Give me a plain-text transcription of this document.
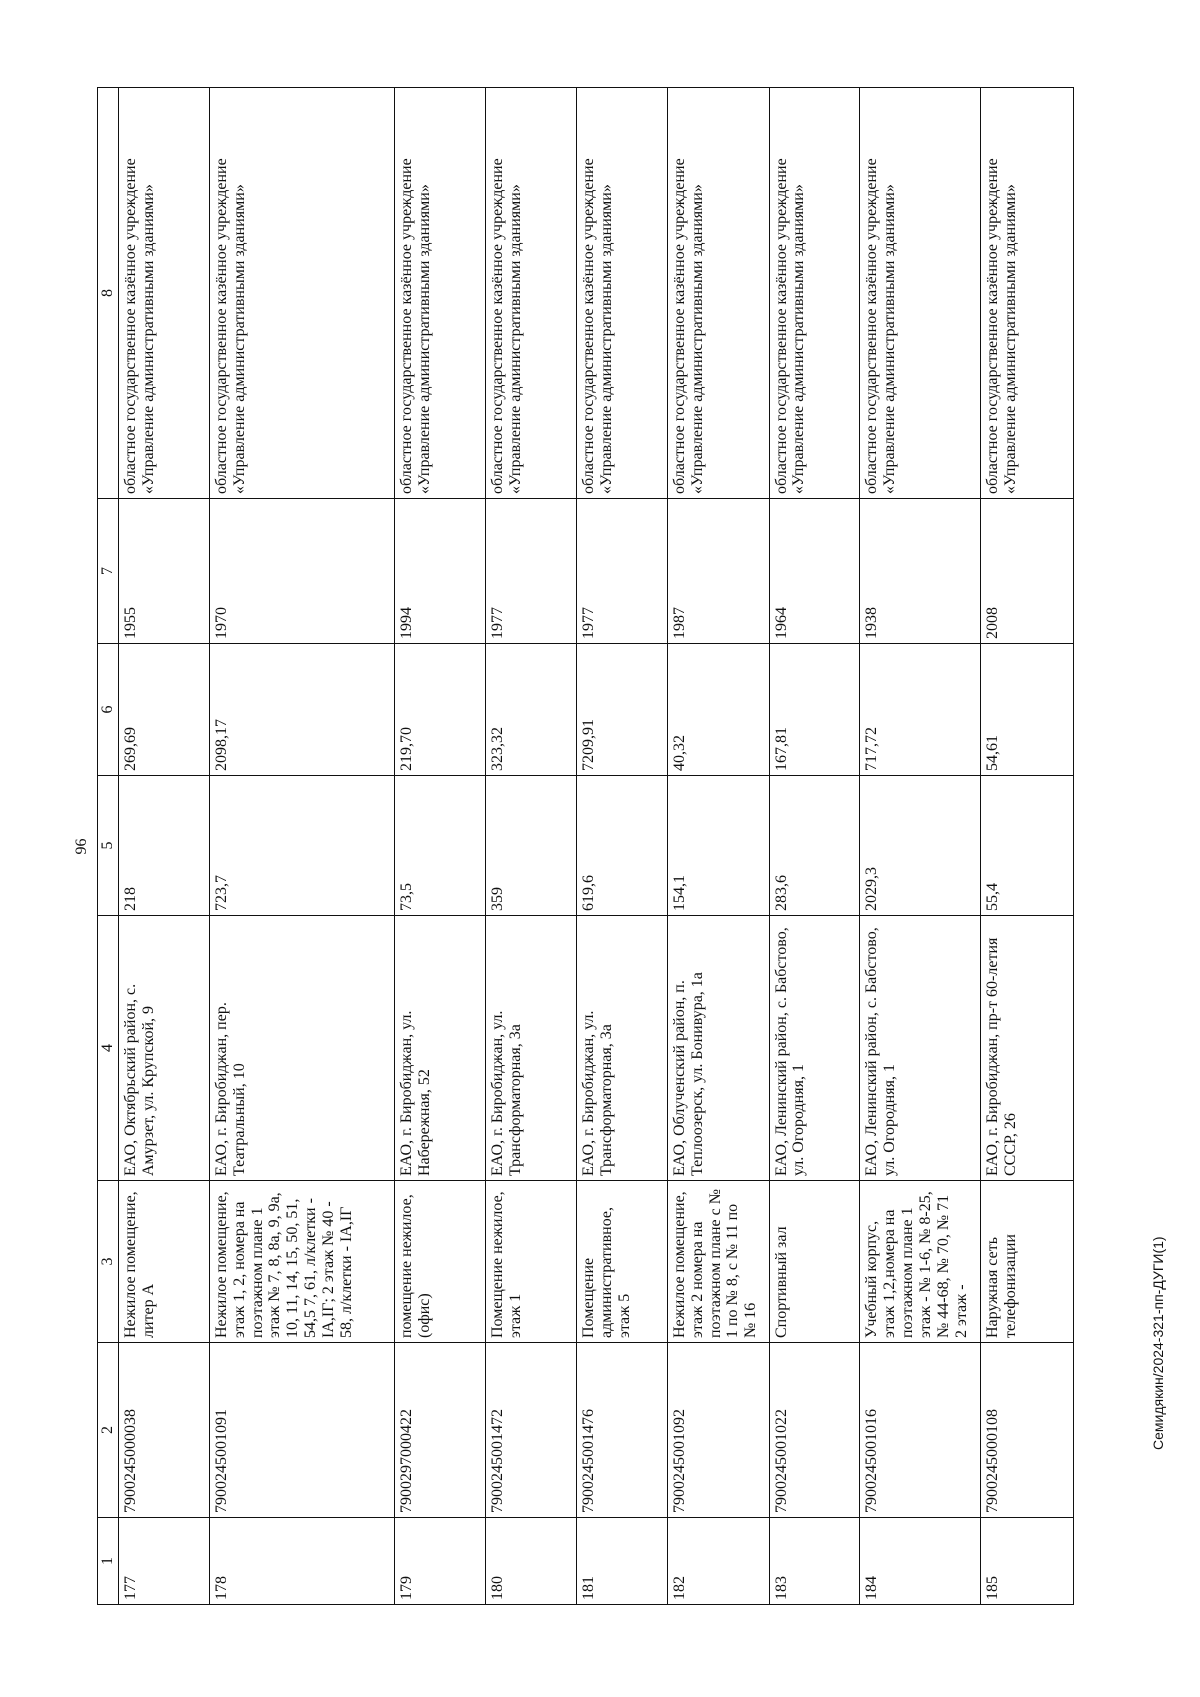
96
1	2	3	4	5	6	7	8
177	79002450000​38	Нежилое помещение, литер А	ЕАО, Октябрьский район, с. Амурзет, ул. Крупской, 9	218	269,69	1955	областное государственное казённое учреждение «Управление административными зданиями»
178	790024500109​1	Нежилое помещение, этаж 1, 2, номера на поэтажном плане 1 этаж № 7, 8, 8а, 9, 9а, 10, 11, 14, 15, 50, 51, 54,5 7, 61, л/клетки - IA,IГ; 2 этаж № 40 - 58, л/клетки - IA,IГ	ЕАО, г. Биробиджан, пер. Театральный, 10	723,7	2098,17	1970	областное государственное казённое учреждение «Управление административными зданиями»
179	7900297000422	помещение нежилое, (офис)	ЕАО, г. Биробиджан, ул. Набережная, 52	73,5	219,70	1994	областное государственное казённое учреждение «Управление административными зданиями»
180	7900245001472	Помещение нежилое, этаж 1	ЕАО, г. Биробиджан, ул. Трансформаторная, 3а	359	323,32	1977	областное государственное казённое учреждение «Управление административными зданиями»
181	7900245001476	Помещение административное, этаж 5	ЕАО, г. Биробиджан, ул. Трансформаторная, 3а	619,6	7209,91	1977	областное государственное казённое учреждение «Управление административными зданиями»
182	7900245001092	Нежилое помещение, этаж 2 номера на поэтажном плане с № 1 по № 8, с № 11 по № 16	ЕАО, Облученский район, п. Теплоозерск, ул. Бонивура, 1а	154,1	40,32	1987	областное государственное казённое учреждение «Управление административными зданиями»
183	7900245001022	Спортивный зал	ЕАО, Ленинский район, с. Бабстово, ул. Огородняя, 1	283,6	167,81	1964	областное государственное казённое учреждение «Управление административными зданиями»
184	7900245001016	Учебный корпус, этаж 1,2,номера на поэтажном плане 1 этаж - № 1-6, № 8-25, № 44-68, № 70, № 71 2 этаж -	ЕАО, Ленинский район, с. Бабстово, ул. Огородняя, 1	2029,3	717,72	1938	областное государственное казённое учреждение «Управление административными зданиями»
185	7900245000108	Наружная сеть телефонизации	ЕАО, г. Биробиджан, пр-т 60-летия СССР, 26	55,4	54,61	2008	областное государственное казённое учреждение «Управление административными зданиями»
Семидякин/2024-321-пп-ДУГИ(1)
